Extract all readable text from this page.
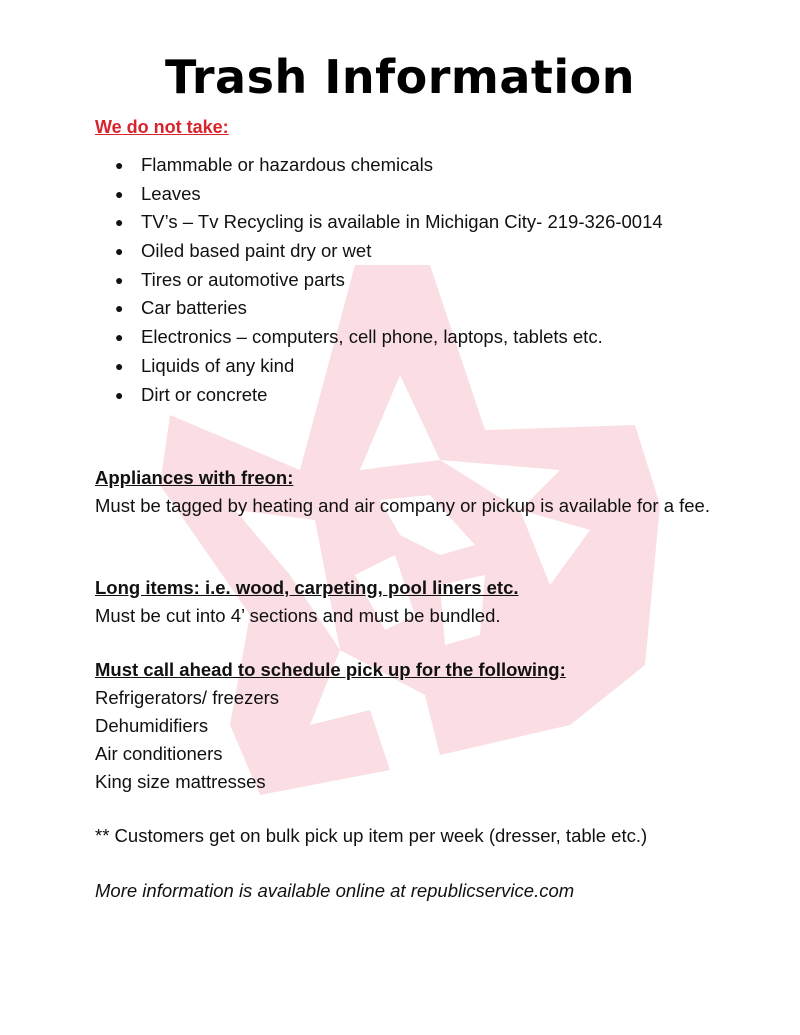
Trash Information
We do not take:
● Flammable or hazardous chemicals
● Leaves
● TV’s – Tv Recycling is available in Michigan City- 219-326-0014
● Oiled based paint dry or wet
● Tires or automotive parts
● Car batteries
● Electronics – computers, cell phone, laptops, tablets etc.
● Liquids of any kind
● Dirt or concrete
Appliances with freon:
Must be tagged by heating and air company or pickup is available for a fee.
Long items: i.e. wood, carpeting, pool liners etc.
Must be cut into 4’ sections and must be bundled.
Must call ahead to schedule pick up for the following:
Refrigerators/ freezers
Dehumidifiers
Air conditioners
King size mattresses
** Customers get on bulk pick up item per week (dresser, table etc.)
More information is available online at republicservice.com
